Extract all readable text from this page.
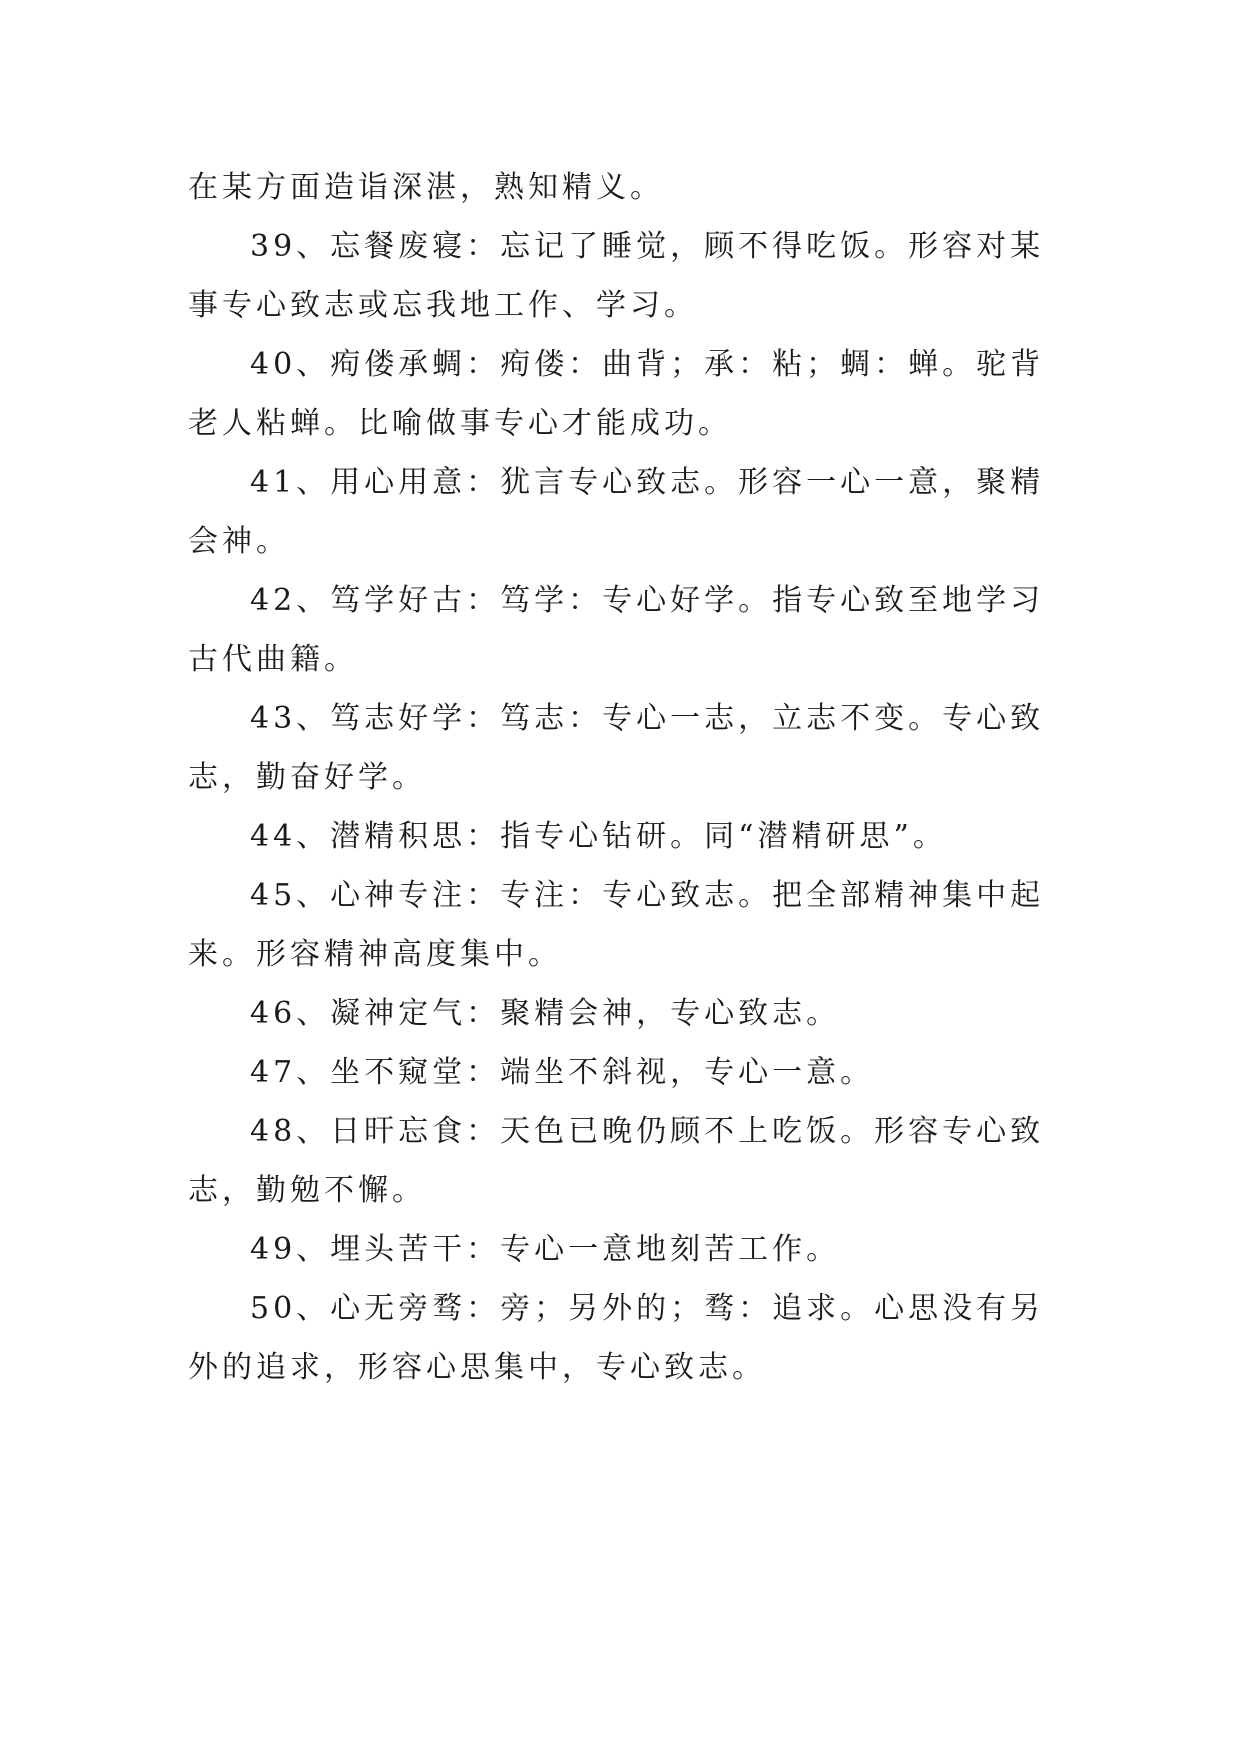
在某方面造诣深湛，熟知精义。

39、忘餐废寝：忘记了睡觉，顾不得吃饭。形容对某事专心致志或忘我地工作、学习。

40、痀偻承蜩：痀偻：曲背；承：粘；蜩：蝉。驼背老人粘蝉。比喻做事专心才能成功。

41、用心用意：犹言专心致志。形容一心一意，聚精会神。

42、笃学好古：笃学：专心好学。指专心致至地学习古代曲籍。

43、笃志好学：笃志：专心一志，立志不变。专心致志，勤奋好学。

44、潜精积思：指专心钻研。同“潜精研思”。

45、心神专注：专注：专心致志。把全部精神集中起来。形容精神高度集中。

46、凝神定气：聚精会神，专心致志。

47、坐不窥堂：端坐不斜视，专心一意。

48、日旰忘食：天色已晚仍顾不上吃饭。形容专心致志，勤勉不懈。

49、埋头苦干：专心一意地刻苦工作。

50、心无旁骛：旁；另外的；骛：追求。心思没有另外的追求，形容心思集中，专心致志。
